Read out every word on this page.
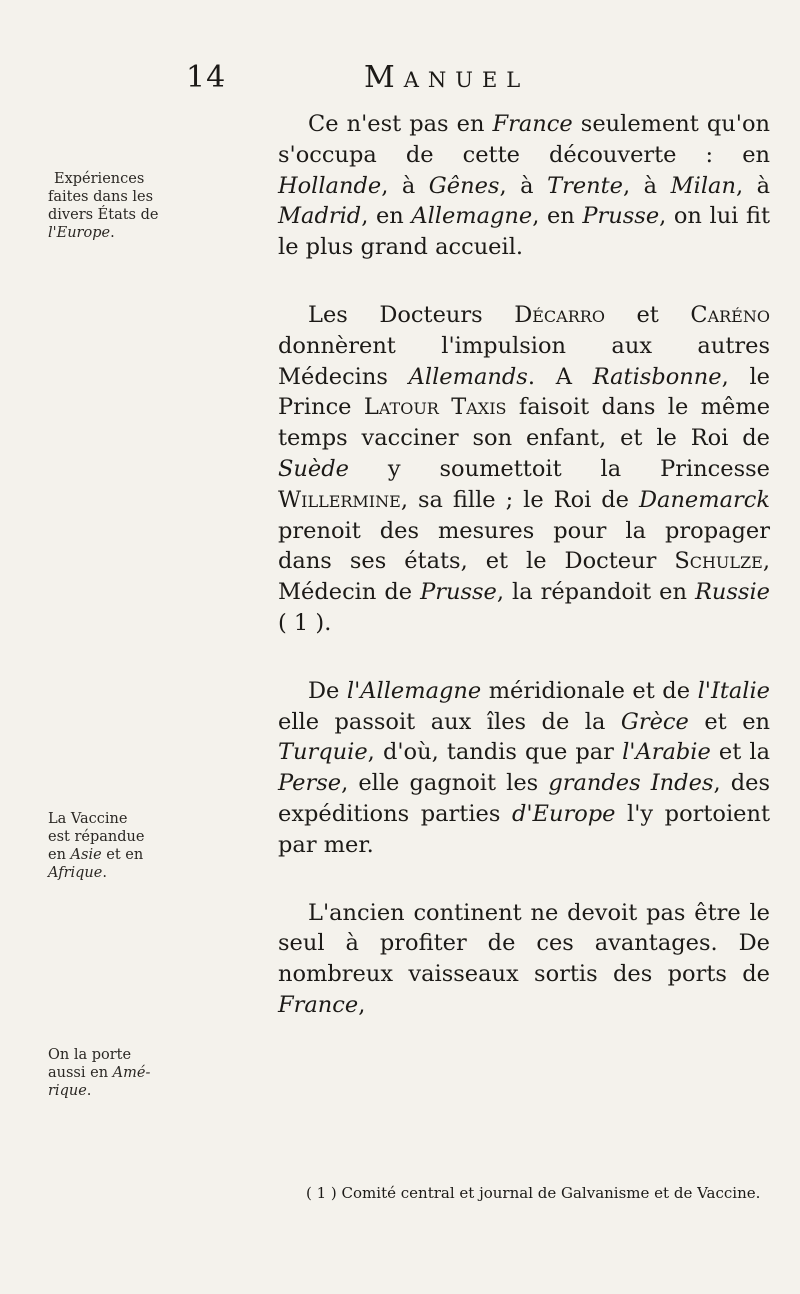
14	Manuel
Expériences
faites dans les
divers États de
l'Europe.
La Vaccine
est répandue
en Asie et en
Afrique.
On la porte
aussi en Amé-
rique.

Ce n'est pas en France seulement qu'on s'occupa de cette découverte : en Hollande, à Gênes, à Trente, à Milan, à Madrid, en Allemagne, en Prusse, on lui fit le plus grand accueil.

Les Docteurs Décarro et Caréno donnèrent l'impulsion aux autres Médecins Allemands. A Ratisbonne, le Prince Latour Taxis faisoit dans le même temps vacciner son enfant, et le Roi de Suède y soumettoit la Princesse Willermine, sa fille ; le Roi de Danemarck prenoit des mesures pour la propager dans ses états, et le Docteur Schulze, Médecin de Prusse, la répandoit en Russie ( 1 ).

De l'Allemagne méridionale et de l'Italie elle passoit aux îles de la Grèce et en Turquie, d'où, tandis que par l'Arabie et la Perse, elle gagnoit les grandes Indes, des expéditions parties d'Europe l'y portoient par mer.

L'ancien continent ne devoit pas être le seul à profiter de ces avantages. De nombreux vaisseaux sortis des ports de France,

( 1 ) Comité central et journal de Galvanisme et de Vaccine.
